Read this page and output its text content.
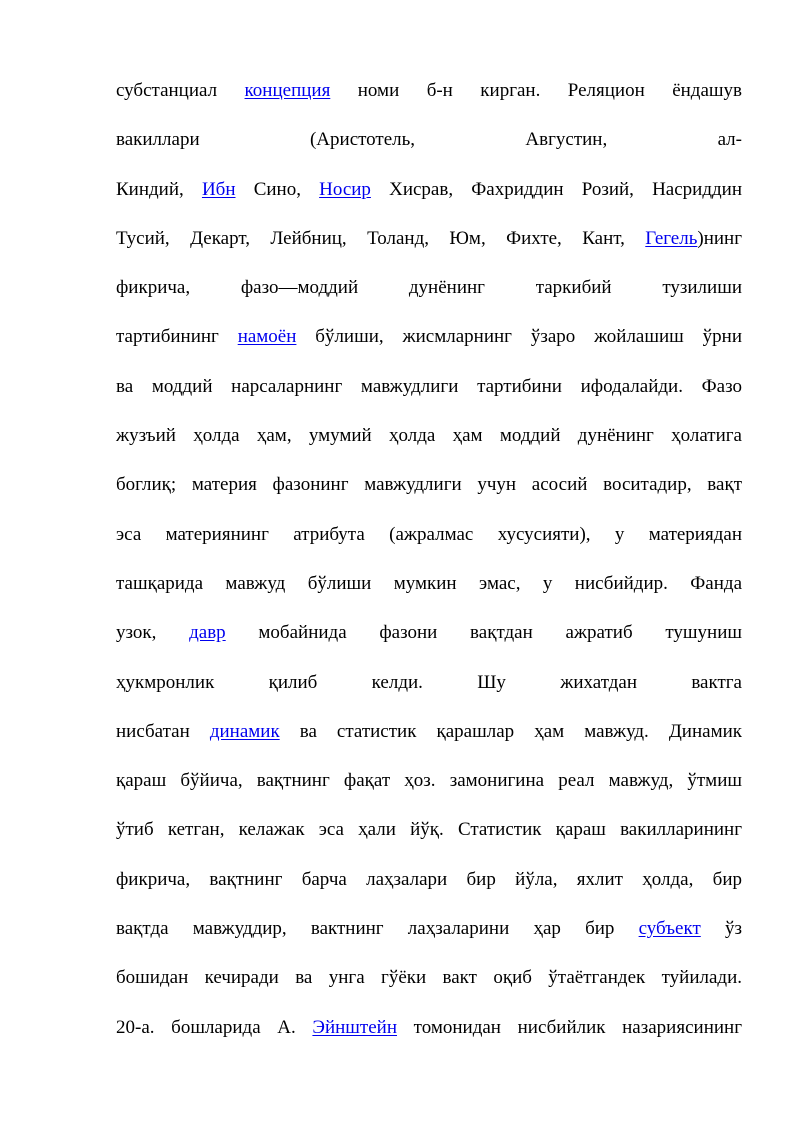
субстанциал концепция номи б-н кирган. Реляцион ёндашув
вакиллари (Аристотель, Августин, ал-
Киндий, Ибн Сино, Носир Хисрав, Фахриддин Розий, Насриддин
Тусий, Декарт, Лейбниц, Толанд, Юм, Фихте, Кант, Гегель)нинг
фикрича, фазо—моддий дунёнинг таркибий тузилиши
тартибининг намоён бўлиши, жисмларнинг ўзаро жойлашиш ўрни
ва моддий нарсаларнинг мавжудлиги тартибини ифодалайди. Фазо
жузъий ҳолда ҳам, умумий ҳолда ҳам моддий дунёнинг ҳолатига
боглиқ; материя фазонинг мавжудлиги учун асосий воситадир, вақт
эса материянинг атрибута (ажралмас хусусияти), у материядан
ташқарида мавжуд бўлиши мумкин эмас, у нисбийдир. Фанда
узок, давр мобайнида фазони вақтдан ажратиб тушуниш
ҳукмронлик қилиб келди. Шу жихатдан вактга
нисбатан динамик ва статистик қарашлар ҳам мавжуд. Динамик
қараш бўйича, вақтнинг фақат ҳоз. замонигина реал мавжуд, ўтмиш
ўтиб кетган, келажак эса ҳали йўқ. Статистик қараш вакилларининг
фикрича, вақтнинг барча лаҳзалари бир йўла, яхлит ҳолда, бир
вақтда мавжуддир, вактнинг лаҳзаларини ҳар бир субъект ўз
бошидан кечиради ва унга гўёки вакт оқиб ўтаётгандек туйилади.
20-а. бошларида А. Эйнштейн томонидан нисбийлик назариясининг
